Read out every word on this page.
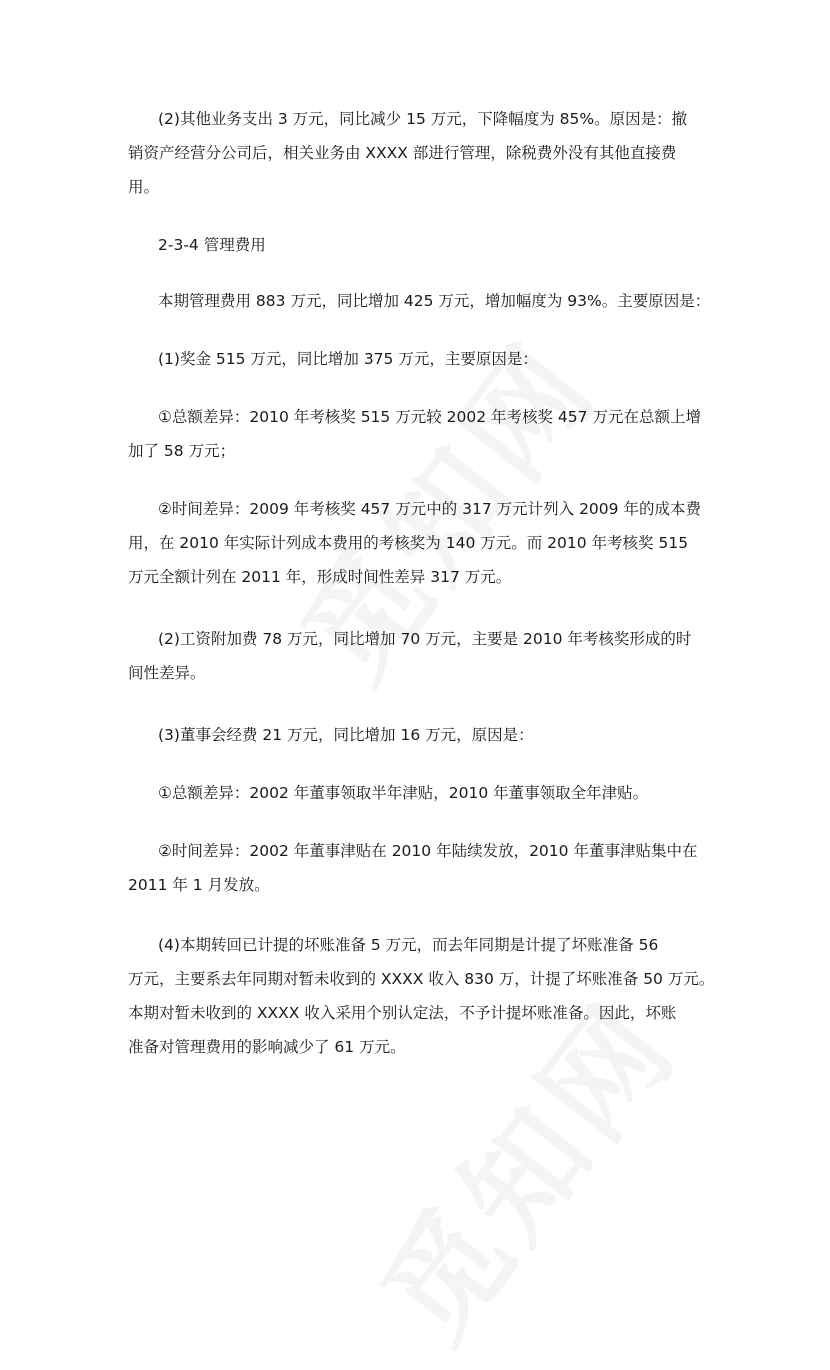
(2)其他业务支出 3 万元，同比减少 15 万元，下降幅度为 85%。原因是：撤
销资产经营分公司后，相关业务由 XXXX 部进行管理，除税费外没有其他直接费
用。
2-3-4 管理费用
本期管理费用 883 万元，同比增加 425 万元，增加幅度为 93%。主要原因是：
(1)奖金 515 万元，同比增加 375 万元，主要原因是：
①总额差异：2010 年考核奖 515 万元较 2002 年考核奖 457 万元在总额上增
加了 58 万元；
②时间差异：2009 年考核奖 457 万元中的 317 万元计列入 2009 年的成本费
用，在 2010 年实际计列成本费用的考核奖为 140 万元。而 2010 年考核奖 515
万元全额计列在 2011 年，形成时间性差异 317 万元。
(2)工资附加费 78 万元，同比增加 70 万元，主要是 2010 年考核奖形成的时
间性差异。
(3)董事会经费 21 万元，同比增加 16 万元，原因是：
①总额差异：2002 年董事领取半年津贴，2010 年董事领取全年津贴。
②时间差异：2002 年董事津贴在 2010 年陆续发放，2010 年董事津贴集中在
2011 年 1 月发放。
(4)本期转回已计提的坏账准备 5 万元，而去年同期是计提了坏账准备 56
万元，主要系去年同期对暂未收到的 XXXX 收入 830 万，计提了坏账准备 50 万元。
本期对暂未收到的 XXXX 收入采用个别认定法，不予计提坏账准备。因此，坏账
准备对管理费用的影响减少了 61 万元。
